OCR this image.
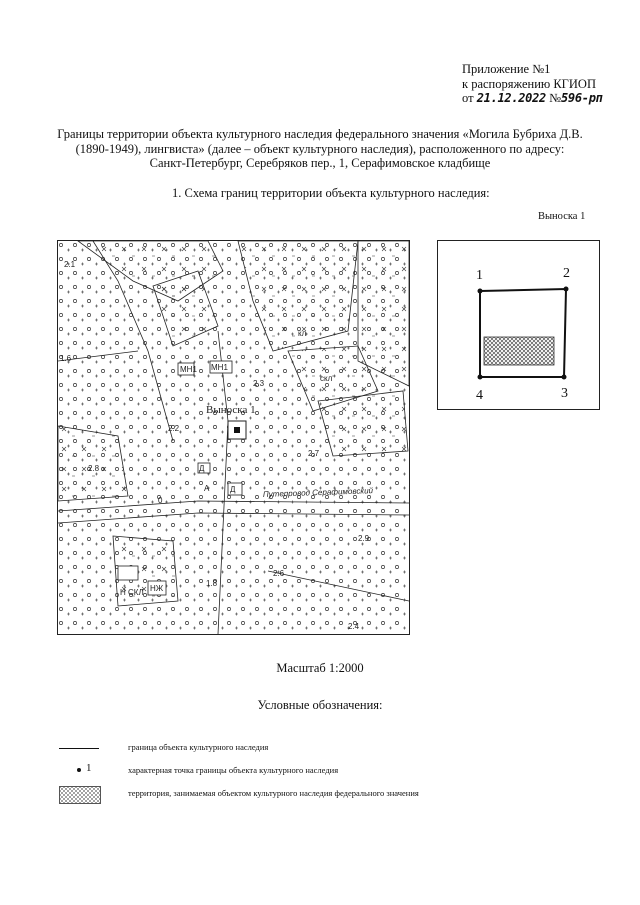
Приложение №1
к распоряжению КГИОП
от 21.12.2022 №596-рп
Границы территории объекта культурного наследия федерального значения «Могила Бубриха Д.В.
(1890-1949), лингвиста» (далее – объект культурного наследия), расположенного по адресу:
Санкт-Петербург, Серебряков пер., 1, Серафимовское кладбище
1. Схема границ территории объекта культурного наследия:
Выноска 1
Выноска 1
Путепровод Серафимовский
МН1 МН1
Д
А	Д
Н СКЛ НЖ
0
кл
скл
2.1
2.2
2.7
2.8
2.3
1.8
2.4
2.6
2.9
1.6
1	2
3
4
Масштаб 1:2000
Условные обозначения:
граница объекта культурного наследия
1	характерная точка границы объекта культурного наследия
территория, занимаемая объектом культурного наследия федерального значения
